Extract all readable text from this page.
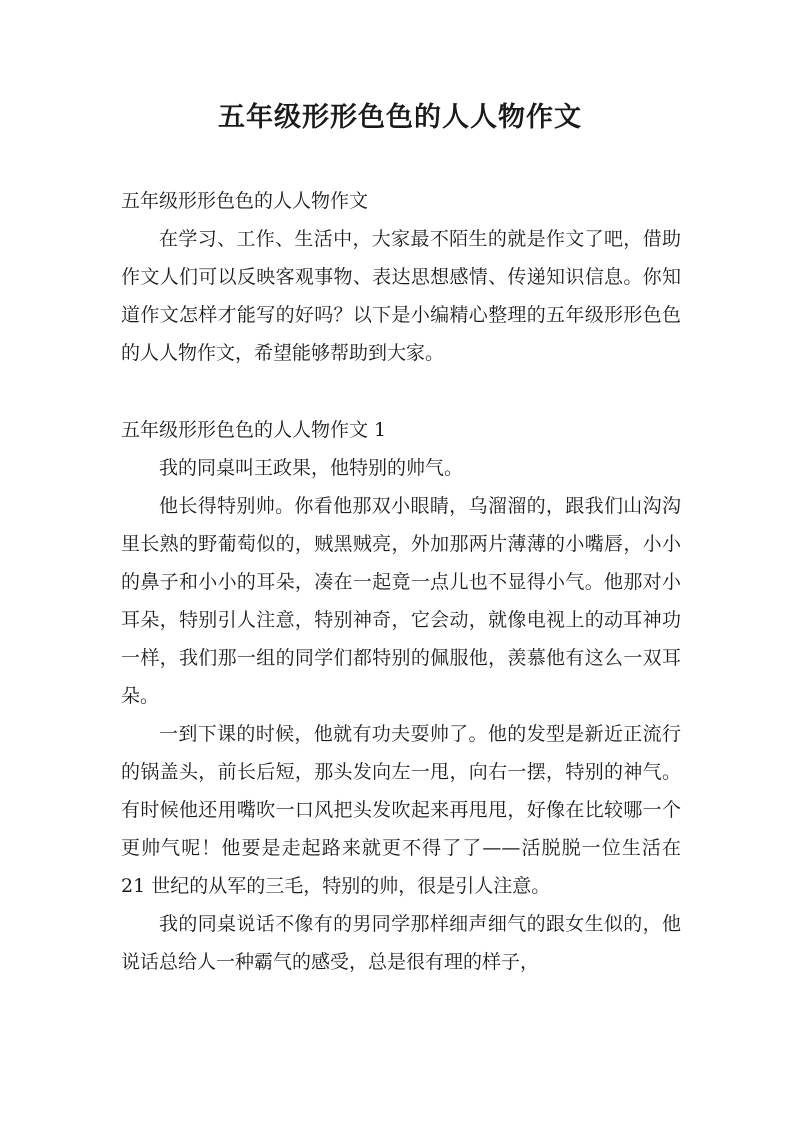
五年级形形色色的人人物作文

五年级形形色色的人人物作文

在学习、工作、生活中，大家最不陌生的就是作文了吧，借助作文人们可以反映客观事物、表达思想感情、传递知识信息。你知道作文怎样才能写的好吗？以下是小编精心整理的五年级形形色色的人人物作文，希望能够帮助到大家。

五年级形形色色的人人物作文 1

我的同桌叫王政果，他特别的帅气。

他长得特别帅。你看他那双小眼睛，乌溜溜的，跟我们山沟沟里长熟的野葡萄似的，贼黑贼亮，外加那两片薄薄的小嘴唇，小小的鼻子和小小的耳朵，凑在一起竟一点儿也不显得小气。他那对小耳朵，特别引人注意，特别神奇，它会动，就像电视上的动耳神功一样，我们那一组的同学们都特别的佩服他，羡慕他有这么一双耳朵。

一到下课的时候，他就有功夫耍帅了。他的发型是新近正流行的锅盖头，前长后短，那头发向左一甩，向右一摆，特别的神气。有时候他还用嘴吹一口风把头发吹起来再甩甩，好像在比较哪一个更帅气呢！他要是走起路来就更不得了了——活脱脱一位生活在 21 世纪的从军的三毛，特别的帅，很是引人注意。

我的同桌说话不像有的男同学那样细声细气的跟女生似的，他说话总给人一种霸气的感受，总是很有理的样子，
